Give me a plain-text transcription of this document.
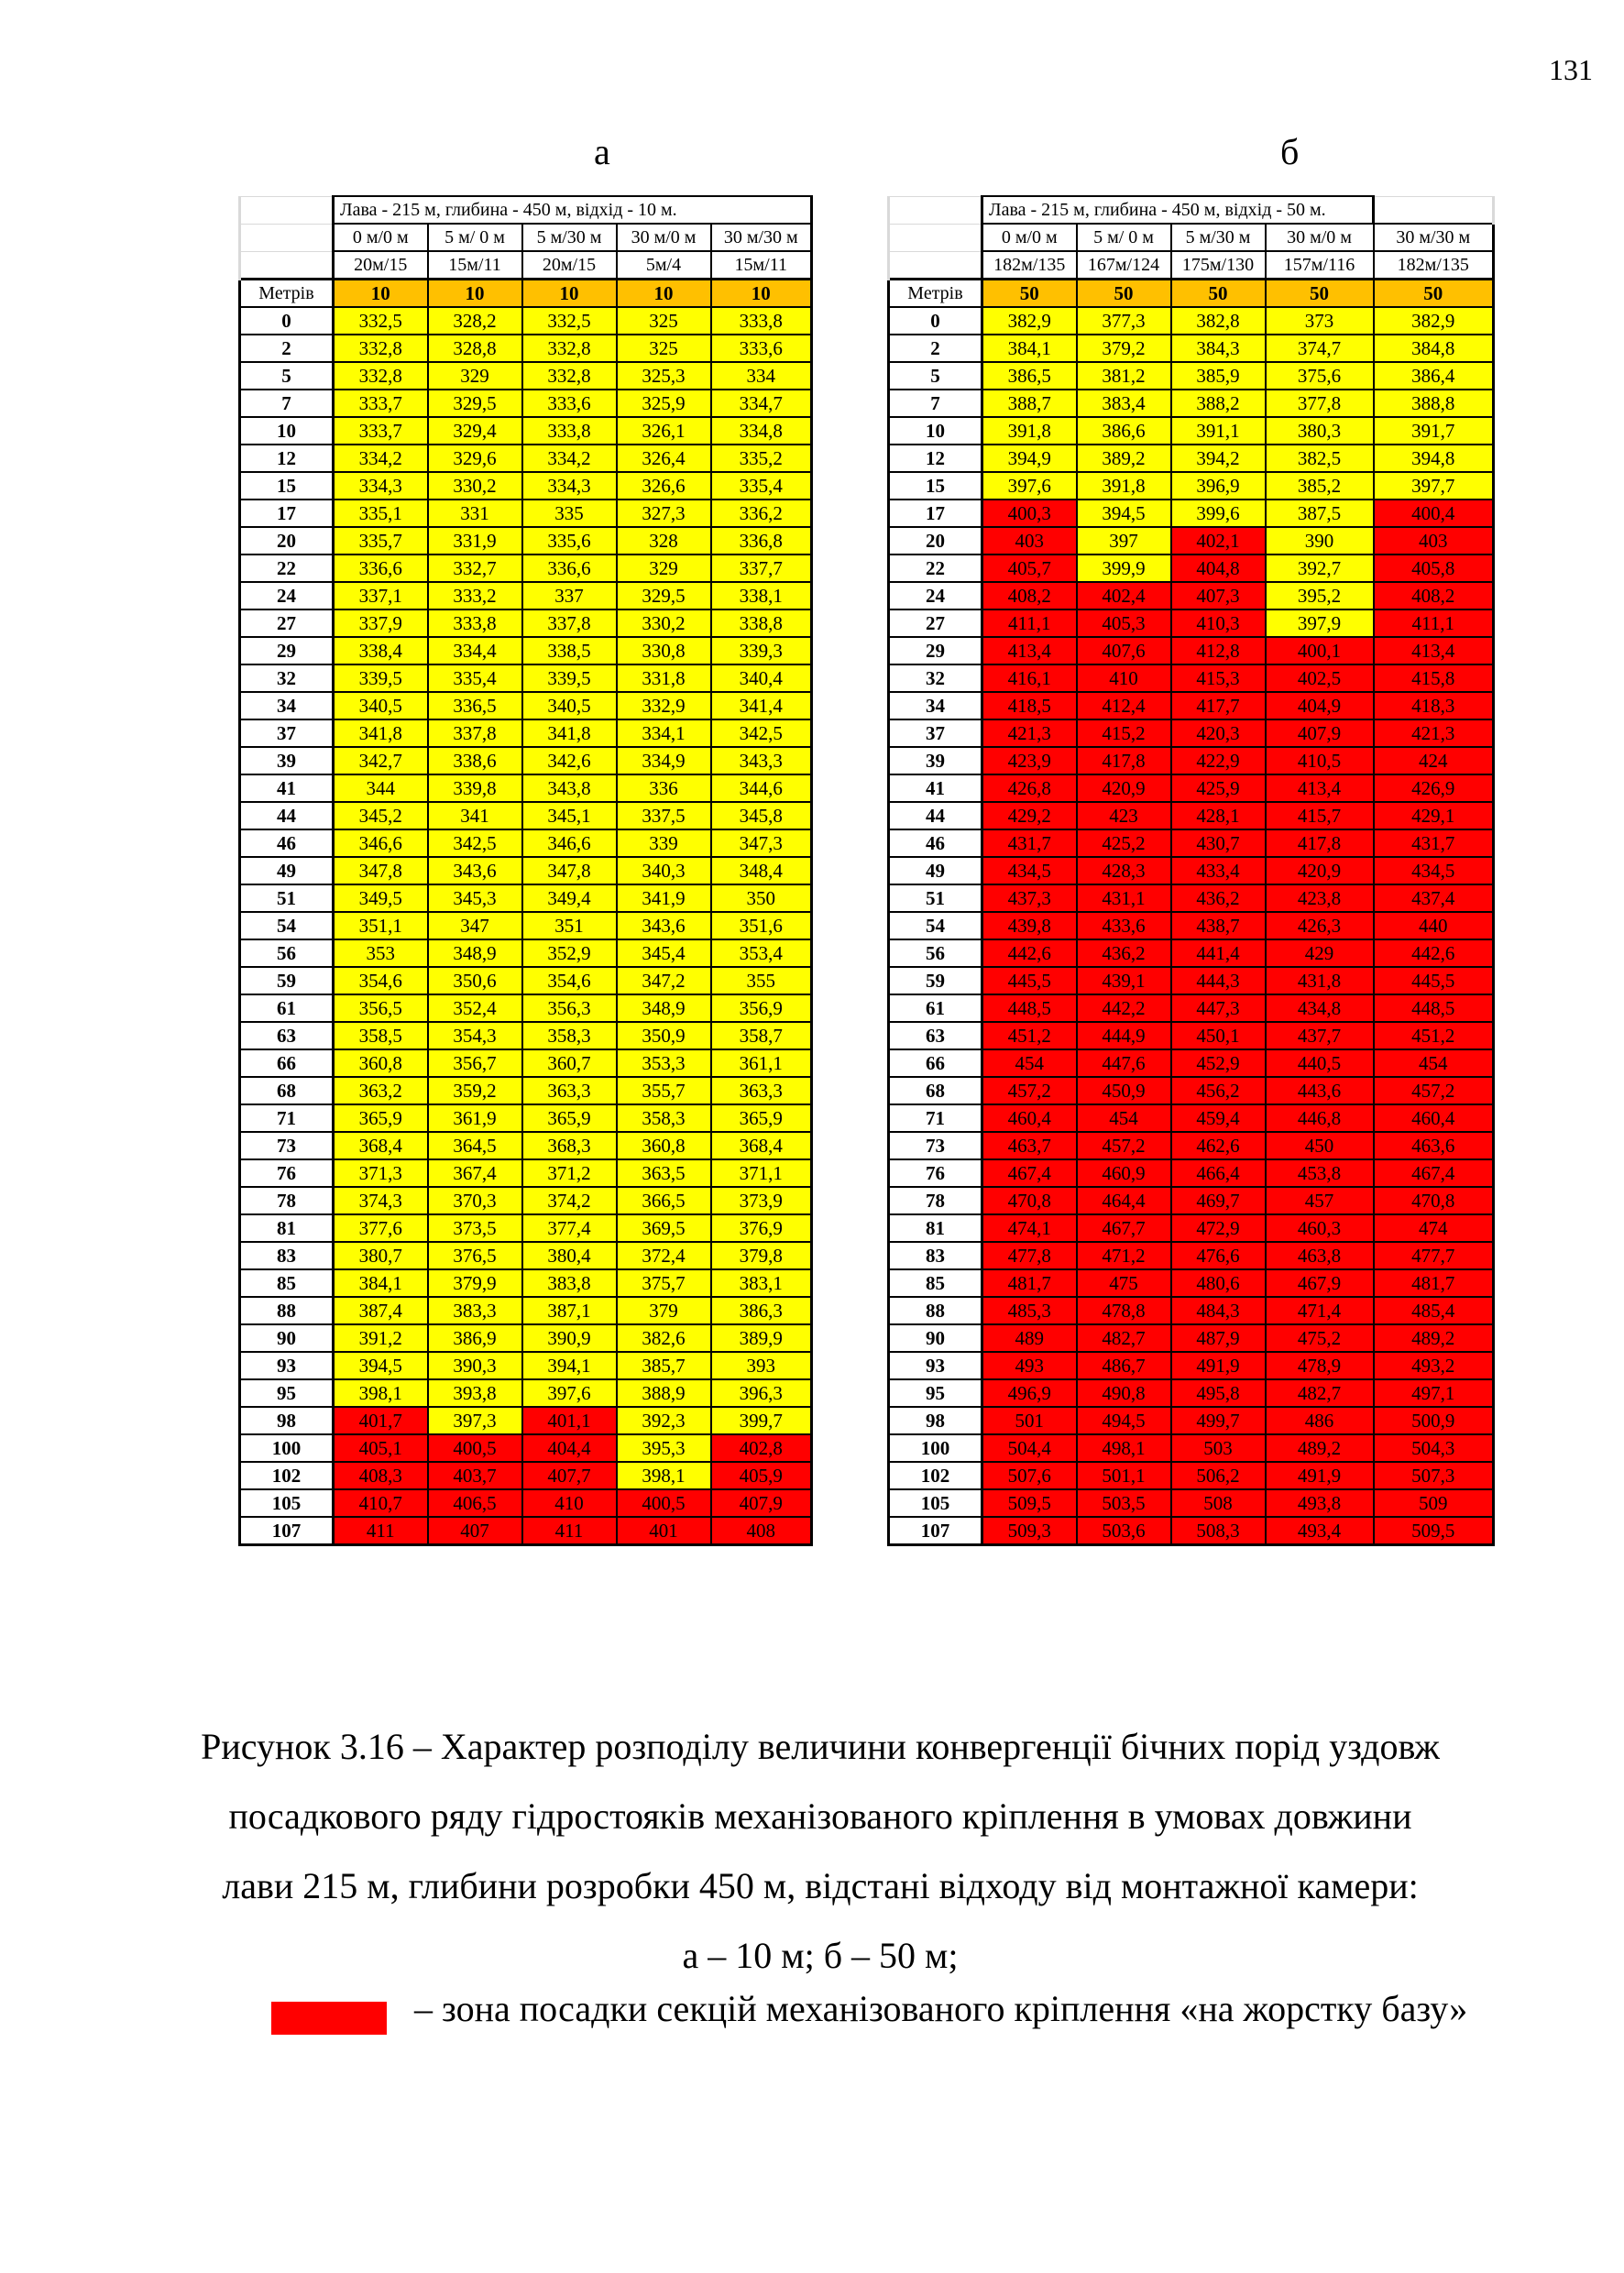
131
а	б
	Лава - 215 м, глибина - 450 м, відхід - 10 м.				
	0 м/0 м	5 м/ 0 м	5 м/30 м	30 м/0 м	30 м/30 м
	20м/15	15м/11	20м/15	5м/4	15м/11
Метрів	10	10	10	10	10
0	332,5	328,2	332,5	325	333,8
2	332,8	328,8	332,8	325	333,6
5	332,8	329	332,8	325,3	334
7	333,7	329,5	333,6	325,9	334,7
10	333,7	329,4	333,8	326,1	334,8
12	334,2	329,6	334,2	326,4	335,2
15	334,3	330,2	334,3	326,6	335,4
17	335,1	331	335	327,3	336,2
20	335,7	331,9	335,6	328	336,8
22	336,6	332,7	336,6	329	337,7
24	337,1	333,2	337	329,5	338,1
27	337,9	333,8	337,8	330,2	338,8
29	338,4	334,4	338,5	330,8	339,3
32	339,5	335,4	339,5	331,8	340,4
34	340,5	336,5	340,5	332,9	341,4
37	341,8	337,8	341,8	334,1	342,5
39	342,7	338,6	342,6	334,9	343,3
41	344	339,8	343,8	336	344,6
44	345,2	341	345,1	337,5	345,8
46	346,6	342,5	346,6	339	347,3
49	347,8	343,6	347,8	340,3	348,4
51	349,5	345,3	349,4	341,9	350
54	351,1	347	351	343,6	351,6
56	353	348,9	352,9	345,4	353,4
59	354,6	350,6	354,6	347,2	355
61	356,5	352,4	356,3	348,9	356,9
63	358,5	354,3	358,3	350,9	358,7
66	360,8	356,7	360,7	353,3	361,1
68	363,2	359,2	363,3	355,7	363,3
71	365,9	361,9	365,9	358,3	365,9
73	368,4	364,5	368,3	360,8	368,4
76	371,3	367,4	371,2	363,5	371,1
78	374,3	370,3	374,2	366,5	373,9
81	377,6	373,5	377,4	369,5	376,9
83	380,7	376,5	380,4	372,4	379,8
85	384,1	379,9	383,8	375,7	383,1
88	387,4	383,3	387,1	379	386,3
90	391,2	386,9	390,9	382,6	389,9
93	394,5	390,3	394,1	385,7	393
95	398,1	393,8	397,6	388,9	396,3
98	401,7	397,3	401,1	392,3	399,7
100	405,1	400,5	404,4	395,3	402,8
102	408,3	403,7	407,7	398,1	405,9
105	410,7	406,5	410	400,5	407,9
107	411	407	411	401	408
	Лава - 215 м, глибина - 450 м, відхід - 50 м.				
	0 м/0 м	5 м/ 0 м	5 м/30 м	30 м/0 м	30 м/30 м
	182м/135	167м/124	175м/130	157м/116	182м/135
Метрів	50	50	50	50	50
0	382,9	377,3	382,8	373	382,9
2	384,1	379,2	384,3	374,7	384,8
5	386,5	381,2	385,9	375,6	386,4
7	388,7	383,4	388,2	377,8	388,8
10	391,8	386,6	391,1	380,3	391,7
12	394,9	389,2	394,2	382,5	394,8
15	397,6	391,8	396,9	385,2	397,7
17	400,3	394,5	399,6	387,5	400,4
20	403	397	402,1	390	403
22	405,7	399,9	404,8	392,7	405,8
24	408,2	402,4	407,3	395,2	408,2
27	411,1	405,3	410,3	397,9	411,1
29	413,4	407,6	412,8	400,1	413,4
32	416,1	410	415,3	402,5	415,8
34	418,5	412,4	417,7	404,9	418,3
37	421,3	415,2	420,3	407,9	421,3
39	423,9	417,8	422,9	410,5	424
41	426,8	420,9	425,9	413,4	426,9
44	429,2	423	428,1	415,7	429,1
46	431,7	425,2	430,7	417,8	431,7
49	434,5	428,3	433,4	420,9	434,5
51	437,3	431,1	436,2	423,8	437,4
54	439,8	433,6	438,7	426,3	440
56	442,6	436,2	441,4	429	442,6
59	445,5	439,1	444,3	431,8	445,5
61	448,5	442,2	447,3	434,8	448,5
63	451,2	444,9	450,1	437,7	451,2
66	454	447,6	452,9	440,5	454
68	457,2	450,9	456,2	443,6	457,2
71	460,4	454	459,4	446,8	460,4
73	463,7	457,2	462,6	450	463,6
76	467,4	460,9	466,4	453,8	467,4
78	470,8	464,4	469,7	457	470,8
81	474,1	467,7	472,9	460,3	474
83	477,8	471,2	476,6	463,8	477,7
85	481,7	475	480,6	467,9	481,7
88	485,3	478,8	484,3	471,4	485,4
90	489	482,7	487,9	475,2	489,2
93	493	486,7	491,9	478,9	493,2
95	496,9	490,8	495,8	482,7	497,1
98	501	494,5	499,7	486	500,9
100	504,4	498,1	503	489,2	504,3
102	507,6	501,1	506,2	491,9	507,3
105	509,5	503,5	508	493,8	509
107	509,3	503,6	508,3	493,4	509,5
Рисунок 3.16 – Характер розподілу величини конвергенції бічних порід уздовж
посадкового ряду гідростояків механізованого кріплення в умовах довжини
лави 215 м, глибини розробки 450 м, відстані відходу від монтажної камери:
а – 10 м; б – 50 м;
– зона посадки секцій механізованого кріплення «на жорстку базу»
